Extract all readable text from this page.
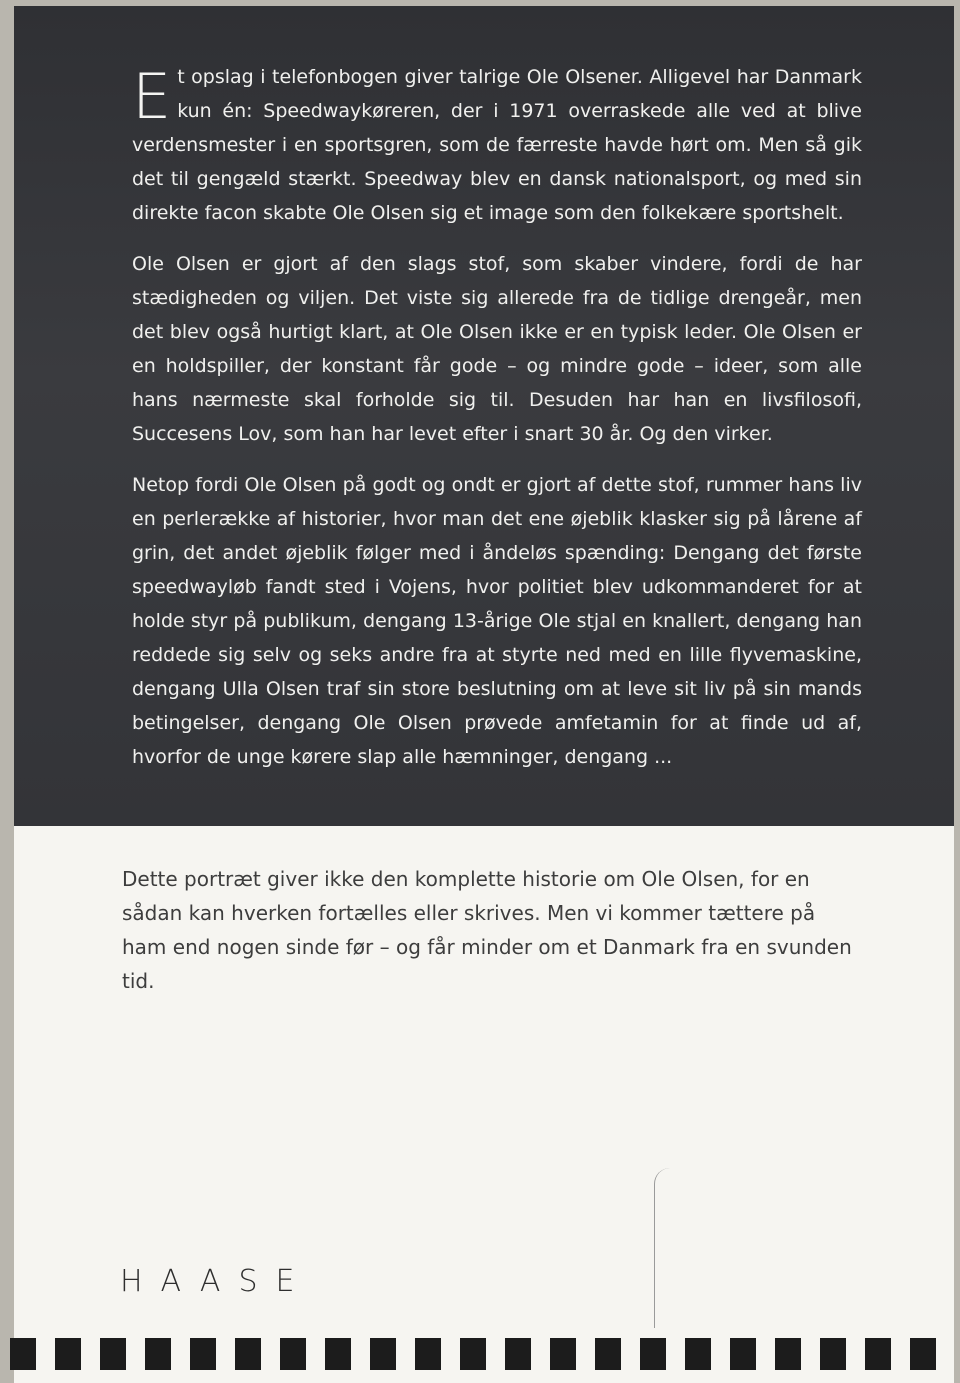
Et opslag i telefonbogen giver talrige Ole Olsener. Alligevel har Danmark kun én: Speedwaykøreren, der i 1971 overraskede alle ved at blive verdensmester i en sportsgren, som de færreste havde hørt om. Men så gik det til gengæld stærkt. Speedway blev en dansk nationalsport, og med sin direkte facon skabte Ole Olsen sig et image som den folkekære sportshelt.

Ole Olsen er gjort af den slags stof, som skaber vindere, fordi de har stædigheden og viljen. Det viste sig allerede fra de tidlige drengeår, men det blev også hurtigt klart, at Ole Olsen ikke er en typisk leder. Ole Olsen er en holdspiller, der konstant får gode – og mindre gode – ideer, som alle hans nærmeste skal forholde sig til. Desuden har han en livsfilosofi, Succesens Lov, som han har levet efter i snart 30 år. Og den virker.

Netop fordi Ole Olsen på godt og ondt er gjort af dette stof, rummer hans liv en perlerække af historier, hvor man det ene øjeblik klasker sig på lårene af grin, det andet øjeblik følger med i åndeløs spænding: Dengang det første speedwayløb fandt sted i Vojens, hvor politiet blev udkommanderet for at holde styr på publikum, dengang 13-årige Ole stjal en knallert, dengang han reddede sig selv og seks andre fra at styrte ned med en lille flyvemaskine, dengang Ulla Olsen traf sin store beslutning om at leve sit liv på sin mands betingelser, dengang Ole Olsen prøvede amfetamin for at finde ud af, hvorfor de unge kørere slap alle hæmninger, dengang ...

Dette portræt giver ikke den komplette historie om Ole Olsen, for en sådan kan hverken fortælles eller skrives. Men vi kommer tættere på ham end nogen sinde før – og får minder om et Danmark fra en svunden tid.

HAASE
